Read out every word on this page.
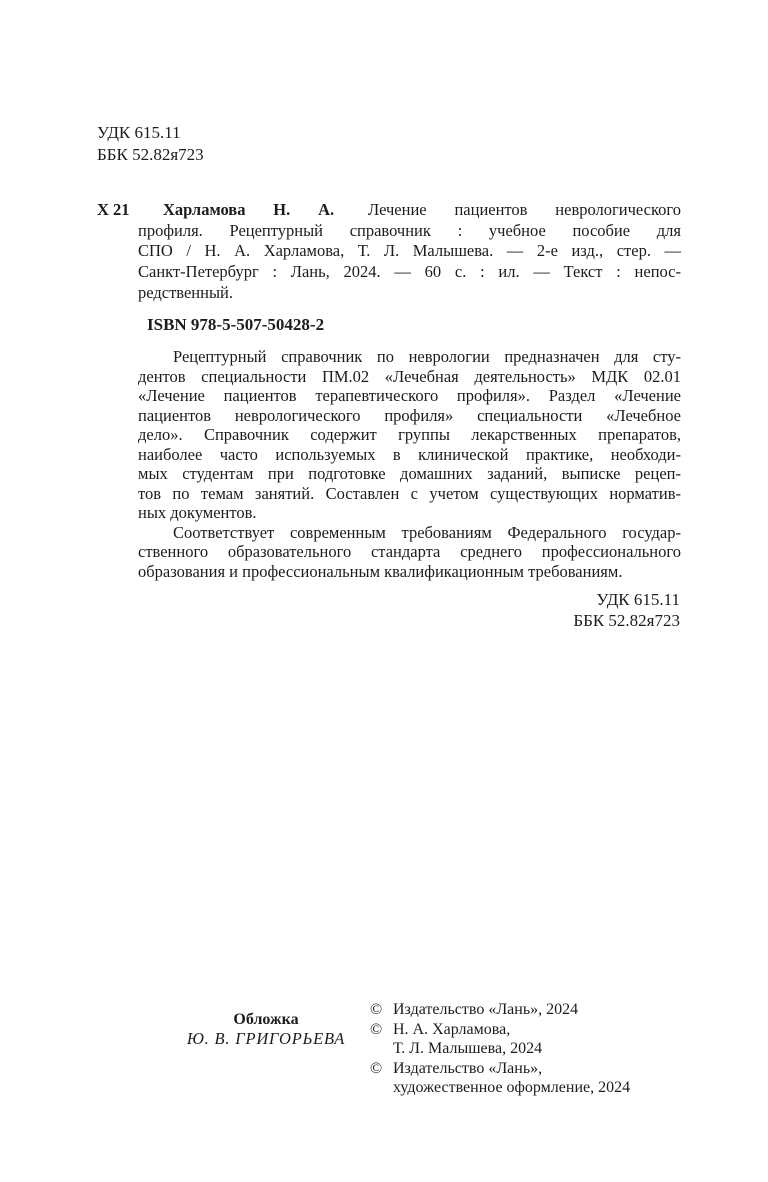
УДК 615.11
ББК 52.82я723
Х 21	Харламова Н. А. Лечение пациентов неврологического
профиля. Рецептурный справочник : учебное пособие для
СПО / Н. А. Харламова, Т. Л. Малышева. — 2-е изд., стер. —
Санкт-Петербург : Лань, 2024. — 60 с. : ил. — Текст : непос-
редственный.
ISBN 978-5-507-50428-2
Рецептурный справочник по неврологии предназначен для сту-
дентов специальности ПМ.02 «Лечебная деятельность» МДК 02.01
«Лечение пациентов терапевтического профиля». Раздел «Лечение
пациентов неврологического профиля» специальности «Лечебное
дело». Справочник содержит группы лекарственных препаратов,
наиболее часто используемых в клинической практике, необходи-
мых студентам при подготовке домашних заданий, выписке рецеп-
тов по темам занятий. Составлен с учетом существующих норматив-
ных документов.
Соответствует современным требованиям Федерального государ-
ственного образовательного стандарта среднего профессионального
образования и профессиональным квалификационным требованиям.
УДК 615.11
ББК 52.82я723
Обложка
Ю. В. ГРИГОРЬЕВА
© Издательство «Лань», 2024
© Н. А. Харламова,
Т. Л. Малышева, 2024
© Издательство «Лань»,
художественное оформление, 2024
